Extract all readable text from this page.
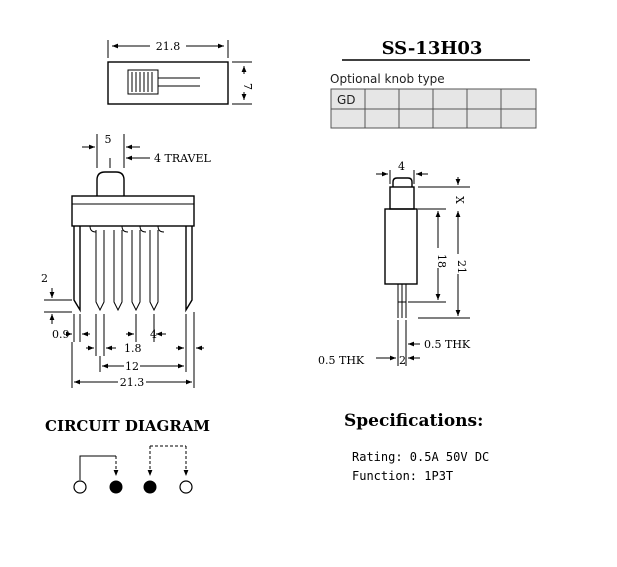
21.8
7
5
4 TRAVEL
2
0.9	4
1.8
12
21.3
SS-13H03
Optional knob type
GD
4
X
18 21
0.5 THK
0.5 THK	2
CIRCUIT DIAGRAM	Specifications:
Rating: 0.5A 50V DC
Function: 1P3T
